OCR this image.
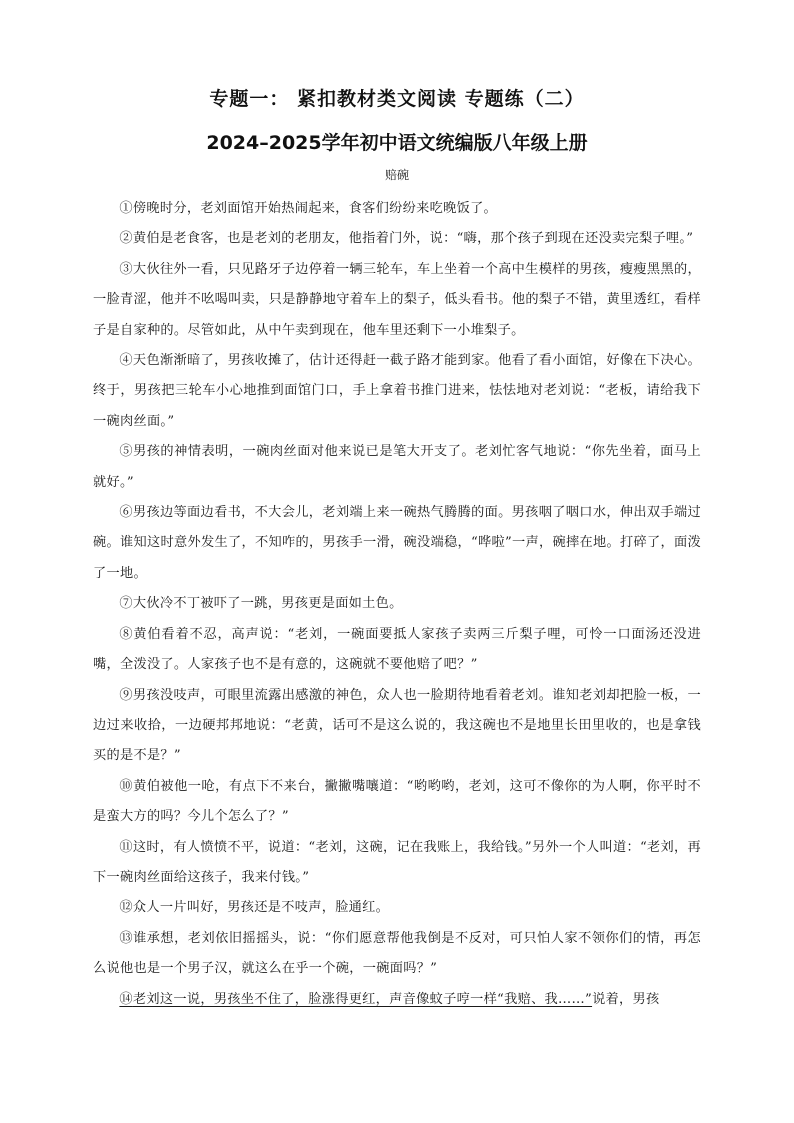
专题一： 紧扣教材类文阅读 专题练（二）
2024–2025学年初中语文统编版八年级上册
赔碗

①傍晚时分，老刘面馆开始热闹起来，食客们纷纷来吃晚饭了。

②黄伯是老食客，也是老刘的老朋友，他指着门外，说：“嗨，那个孩子到现在还没卖完梨子哩。”

③大伙往外一看，只见路牙子边停着一辆三轮车，车上坐着一个高中生模样的男孩，瘦瘦黑黑的，一脸青涩，他并不吆喝叫卖，只是静静地守着车上的梨子，低头看书。他的梨子不错，黄里透红，看样子是自家种的。尽管如此，从中午卖到现在，他车里还剩下一小堆梨子。

④天色渐渐暗了，男孩收摊了，估计还得赶一截子路才能到家。他看了看小面馆，好像在下决心。终于，男孩把三轮车小心地推到面馆门口，手上拿着书推门进来，怯怯地对老刘说：“老板，请给我下一碗肉丝面。”

⑤男孩的神情表明，一碗肉丝面对他来说已是笔大开支了。老刘忙客气地说：“你先坐着，面马上就好。”

⑥男孩边等面边看书，不大会儿，老刘端上来一碗热气腾腾的面。男孩咽了咽口水，伸出双手端过碗。谁知这时意外发生了，不知咋的，男孩手一滑，碗没端稳，“哗啦”一声，碗摔在地。打碎了，面泼了一地。

⑦大伙冷不丁被吓了一跳，男孩更是面如土色。

⑧黄伯看着不忍，高声说：“老刘，一碗面要抵人家孩子卖两三斤梨子哩，可怜一口面汤还没进嘴，全泼没了。人家孩子也不是有意的，这碗就不要他赔了吧？”

⑨男孩没吱声，可眼里流露出感激的神色，众人也一脸期待地看着老刘。谁知老刘却把脸一板，一边过来收拾，一边硬邦邦地说：“老黄，话可不是这么说的，我这碗也不是地里长田里收的，也是拿钱买的是不是？”

⑩黄伯被他一呛，有点下不来台，撇撇嘴嚷道：“哟哟哟，老刘，这可不像你的为人啊，你平时不是蛮大方的吗？今儿个怎么了？”

⑪这时，有人愤愤不平，说道：“老刘，这碗，记在我账上，我给钱。”另外一个人叫道：“老刘，再下一碗肉丝面给这孩子，我来付钱。”

⑫众人一片叫好，男孩还是不吱声，脸通红。

⑬谁承想，老刘依旧摇摇头，说：“你们愿意帮他我倒是不反对，可只怕人家不领你们的情，再怎么说他也是一个男子汉，就这么在乎一个碗，一碗面吗？”

⑭老刘这一说，男孩坐不住了，脸涨得更红，声音像蚊子哼一样“我赔、我……”说着，男孩
